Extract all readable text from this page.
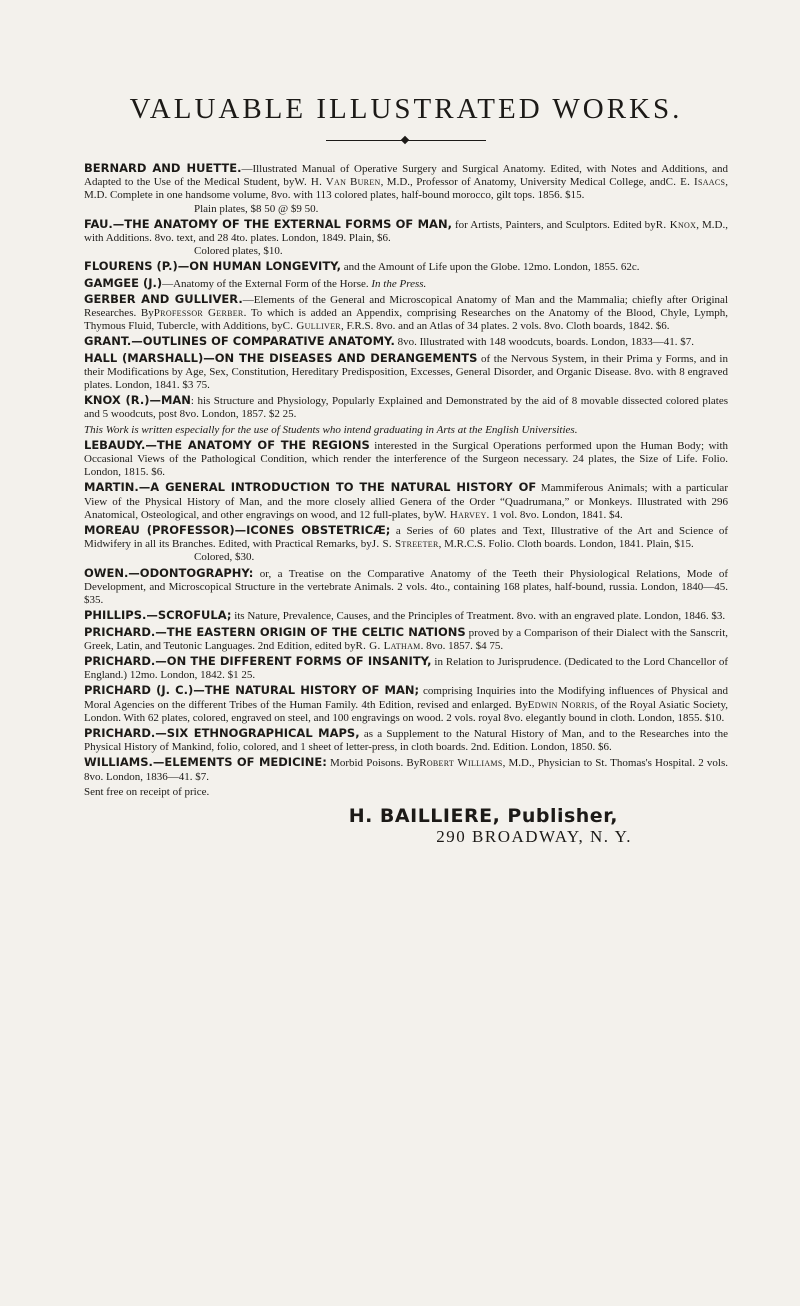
VALUABLE ILLUSTRATED WORKS.

BERNARD AND HUETTE.—Illustrated Manual of Operative Surgery and Surgical Anatomy. Edited, with Notes and Additions, and Adapted to the Use of the Medical Student, byW. H. Van Buren, M.D., Professor of Anatomy, University Medical College, andC. E. Isaacs, M.D. Complete in one handsome volume, 8vo. with 113 colored plates, half-bound morocco, gilt tops. 1856. $15.
Plain plates, $8 50 @ $9 50.

FAU.—THE ANATOMY OF THE EXTERNAL FORMS OF MAN, for Artists, Painters, and Sculptors. Edited byR. Knox, M.D., with Additions. 8vo. text, and 28 4to. plates. London, 1849. Plain, $6.
Colored plates, $10.

FLOURENS (P.)—ON HUMAN LONGEVITY, and the Amount of Life upon the Globe. 12mo. London, 1855. 62c.

GAMGEE (J.)—Anatomy of the External Form of the Horse. In the Press.

GERBER AND GULLIVER.—Elements of the General and Microscopical Anatomy of Man and the Mammalia; chiefly after Original Researches. ByProfessor Gerber. To which is added an Appendix, comprising Researches on the Anatomy of the Blood, Chyle, Lymph, Thymous Fluid, Tubercle, with Additions, byC. Gulliver, F.R.S. 8vo. and an Atlas of 34 plates. 2 vols. 8vo. Cloth boards, 1842. $6.

GRANT.—OUTLINES OF COMPARATIVE ANATOMY. 8vo. Illustrated with 148 woodcuts, boards. London, 1833—41. $7.

HALL (MARSHALL)—ON THE DISEASES AND DERANGEMENTS of the Nervous System, in their Prima y Forms, and in their Modifications by Age, Sex, Constitution, Hereditary Predisposition, Excesses, General Disorder, and Organic Disease. 8vo. with 8 engraved plates. London, 1841. $3 75.

KNOX (R.)—MAN: his Structure and Physiology, Popularly Explained and Demonstrated by the aid of 8 movable dissected colored plates and 5 woodcuts, post 8vo. London, 1857. $2 25.

This Work is written especially for the use of Students who intend graduating in Arts at the English Universities.

LEBAUDY.—THE ANATOMY OF THE REGIONS interested in the Surgical Operations performed upon the Human Body; with Occasional Views of the Pathological Condition, which render the interference of the Surgeon necessary. 24 plates, the Size of Life. Folio. London, 1815. $6.

MARTIN.—A GENERAL INTRODUCTION TO THE NATURAL HISTORY OF Mammiferous Animals; with a particular View of the Physical History of Man, and the more closely allied Genera of the Order “Quadrumana,” or Monkeys. Illustrated with 296 Anatomical, Osteological, and other engravings on wood, and 12 full-plates, byW. Harvey. 1 vol. 8vo. London, 1841. $4.

MOREAU (PROFESSOR)—ICONES OBSTETRICÆ; a Series of 60 plates and Text, Illustrative of the Art and Science of Midwifery in all its Branches. Edited, with Practical Remarks, byJ. S. Streeter, M.R.C.S. Folio. Cloth boards. London, 1841. Plain, $15.
Colored, $30.

OWEN.—ODONTOGRAPHY: or, a Treatise on the Comparative Anatomy of the Teeth their Physiological Relations, Mode of Development, and Microscopical Structure in the vertebrate Animals. 2 vols. 4to., containing 168 plates, half-bound, russia. London, 1840—45. $35.

PHILLIPS.—SCROFULA; its Nature, Prevalence, Causes, and the Principles of Treatment. 8vo. with an engraved plate. London, 1846. $3.

PRICHARD.—THE EASTERN ORIGIN OF THE CELTIC NATIONS proved by a Comparison of their Dialect with the Sanscrit, Greek, Latin, and Teutonic Languages. 2nd Edition, edited byR. G. Latham. 8vo. 1857. $4 75.

PRICHARD.—ON THE DIFFERENT FORMS OF INSANITY, in Relation to Jurisprudence. (Dedicated to the Lord Chancellor of England.) 12mo. London, 1842. $1 25.

PRICHARD (J. C.)—THE NATURAL HISTORY OF MAN; comprising Inquiries into the Modifying influences of Physical and Moral Agencies on the different Tribes of the Human Family. 4th Edition, revised and enlarged. ByEdwin Norris, of the Royal Asiatic Society, London. With 62 plates, colored, engraved on steel, and 100 engravings on wood. 2 vols. royal 8vo. elegantly bound in cloth. London, 1855. $10.

PRICHARD.—SIX ETHNOGRAPHICAL MAPS, as a Supplement to the Natural History of Man, and to the Researches into the Physical History of Mankind, folio, colored, and 1 sheet of letter-press, in cloth boards. 2nd. Edition. London, 1850. $6.

WILLIAMS.—ELEMENTS OF MEDICINE: Morbid Poisons. ByRobert Williams, M.D., Physician to St. Thomas's Hospital. 2 vols. 8vo. London, 1836—41. $7.

Sent free on receipt of price.

H. BAILLIERE, Publisher,

290 BROADWAY, N. Y.
